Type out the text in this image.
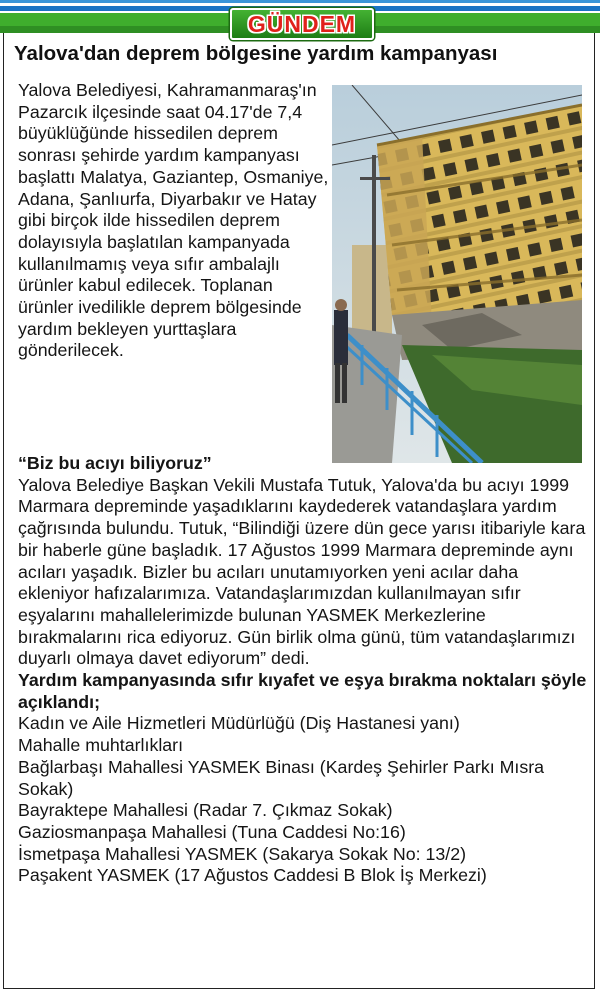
GÜNDEM
Yalova'dan deprem bölgesine yardım kampanyası
Yalova Belediyesi, Kahramanmaraş'ın Pazarcık ilçesinde saat 04.17'de 7,4 büyüklüğünde hissedilen deprem sonrası şehirde yardım kampanyası başlattı Malatya, Gaziantep, Osmaniye, Adana, Şanlıurfa, Diyarbakır ve Hatay gibi birçok ilde hissedilen deprem dolayısıyla başlatılan kampanyada kullanılmamış veya sıfır ambalajlı ürünler kabul edilecek. Toplanan ürünler ivedilikle deprem bölgesinde yardım bekleyen yurttaşlara gönderilecek.

“Biz bu acıyı biliyoruz”

Yalova Belediye Başkan Vekili Mustafa Tutuk, Yalova'da bu acıyı 1999 Marmara depreminde yaşadıklarını kaydederek vatandaşlara yardım çağrısında bulundu. Tutuk, “Bilindiği üzere dün gece yarısı itibariyle kara bir haberle güne başladık. 17 Ağustos 1999 Marmara depreminde aynı acıları yaşadık. Bizler bu acıları unutamıyorken yeni acılar daha ekleniyor hafızalarımıza. Vatandaşlarımızdan kullanılmayan sıfır eşyalarını mahallelerimizde bulunan YASMEK Merkezlerine bırakmalarını rica ediyoruz. Gün birlik olma günü, tüm vatandaşlarımızı duyarlı olmaya davet ediyorum” dedi.

Yardım kampanyasında sıfır kıyafet ve eşya bırakma noktaları şöyle açıklandı;

Kadın ve Aile Hizmetleri Müdürlüğü (Diş Hastanesi yanı)

Mahalle muhtarlıkları

Bağlarbaşı Mahallesi YASMEK Binası (Kardeş Şehirler Parkı Mısra Sokak)

Bayraktepe Mahallesi (Radar 7. Çıkmaz Sokak)

Gaziosmanpaşa Mahallesi (Tuna Caddesi No:16)

İsmetpaşa Mahallesi YASMEK (Sakarya Sokak No: 13/2)

Paşakent YASMEK (17 Ağustos Caddesi B Blok İş Merkezi)
